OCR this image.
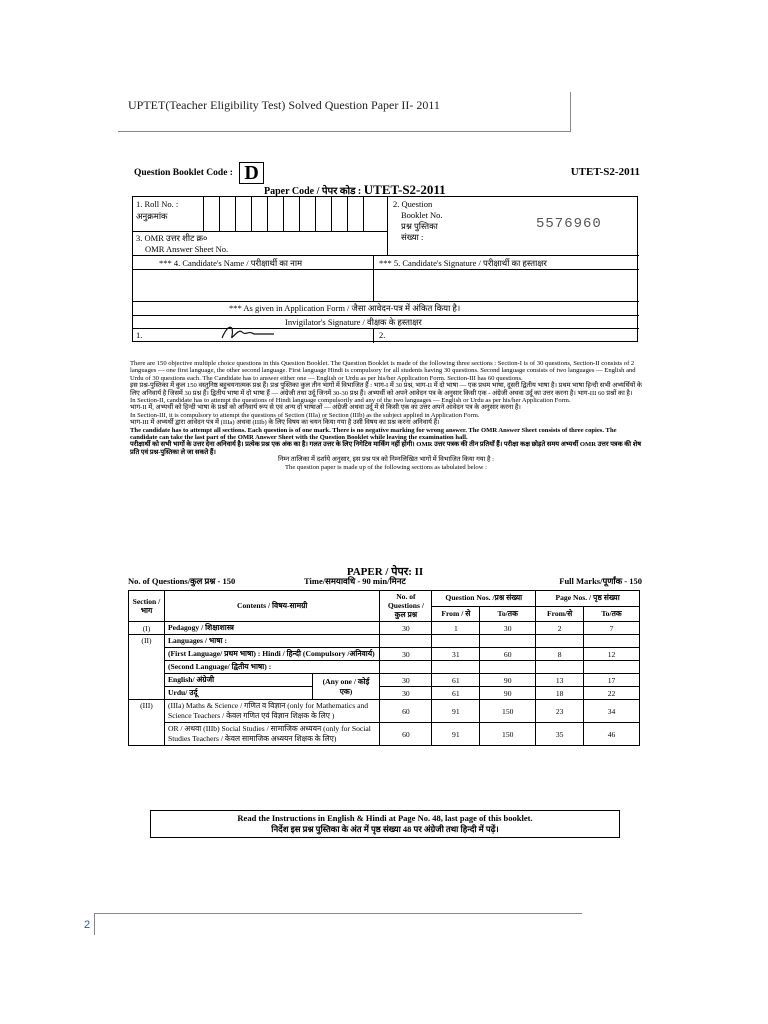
UPTET(Teacher Eligibility Test) Solved Question Paper II- 2011
Question Booklet Code : D	UTET-S2-2011
Paper Code / पेपर कोड : UTET-S2-2011
1. Roll No. :
अनुक्रमांक
3. OMR उत्तर शीट क्र०
OMR Answer Sheet No.
2. Question
Booklet No.
प्रश्न पुस्तिका
संख्या :
*** 4. Candidate's Name / परीक्षार्थी का नाम	*** 5. Candidate's Signature / परीक्षार्थी का हस्ताक्षर
*** As given in Application Form / जैसा आवेदन-पत्र में अंकित किया है।
Invigilator's Signature / वीक्षक के हस्ताक्षर
1.	2.
5576960

There are 150 objective multiple choice questions in this Question Booklet. The Question Booklet is made of the following three sections : Section-I is of 30 questions, Section-II consists of 2 languages — one first language, the other second language. First language Hindi is compulsory for all students having 30 questions. Second language consists of two languages — English and Urdu of 30 questions each. The Candidate has to answer either one — English or Urdu as per his/her Application Form. Section-III has 60 questions.

इस प्रश्न-पुस्तिका में कुल 150 वस्तुनिष्ठ बहुचयनात्मक प्रश्न हैं। प्रश्न पुस्तिका कुल तीन भागों में विभाजित है : भाग-I में 30 प्रश्न, भाग-II में दो भाषा — एक प्रथम भाषा, दूसरी द्वितीय भाषा है। प्रथम भाषा हिन्दी सभी अभ्यर्थियों के लिए अनिवार्य है जिसमें 30 प्रश्न हैं। द्वितीय भाषा में दो भाषा हैं — अंग्रेजी तथा उर्दू जिनमें 30-30 प्रश्न हैं। अभ्यर्थी को अपने आवेदन पत्र के अनुसार किसी एक - अंग्रेजी अथवा उर्दू का उत्तर करना है। भाग-III 60 प्रश्नों का है।

In Section-II, candidate has to attempt the questions of Hindi language compulsorily and any of the two languages — English or Urdu as per his/her Application Form.

भाग-II में, अभ्यर्थी को हिन्दी भाषा के प्रश्नों को अनिवार्य रूप से एवं अन्य दो भाषाओं — अंग्रेजी अथवा उर्दू में से किसी एक का उत्तर अपने आवेदन पत्र के अनुसार करना है।

In Section-III, it is compulsory to attempt the questions of Section (IIIa) or Section (IIIb) as the subject applied in Application Form.

भाग-III में अभ्यर्थी द्वारा आवेदन पत्र में (IIIa) अथवा (IIIb) के लिए विषय का चयन किया गया है उसी विषय का प्रश्न करना अनिवार्य है।

The candidate has to attempt all sections. Each question is of one mark. There is no negative marking for wrong answer. The OMR Answer Sheet consists of three copies. The candidate can take the last part of the OMR Answer Sheet with the Question Booklet while leaving the examination hall.

परीक्षार्थी को सभी भागों के उत्तर देना अनिवार्य है। प्रत्येक प्रश्न एक अंक का है। गलत उत्तर के लिए निगेटिव मार्किंग नहीं होगी। OMR उत्तर पत्रक की तीन प्रतियाँ हैं। परीक्षा कक्ष छोड़ते समय अभ्यर्थी OMR उत्तर पत्रक की शेष प्रति एवं प्रश्न-पुस्तिका ले जा सकते हैं।

निम्न तालिका में दर्शाये अनुसार, इस प्रश्न पत्र को निम्नलिखित भागों में विभाजित किया गया है :

The question paper is made up of the following sections as tabulated below :

PAPER / पेपर: II
No. of Questions/कुल प्रश्न - 150	Time/समयावधि - 90 min/मिनट	Full Marks/पूर्णांक - 150
Section / भाग	Contents / विषय-सामग्री		No. of Questions /कुल प्रश्न	Question Nos. /प्रश्न संख्या		Page Nos. / पृष्ठ संख्या	
				From / से	To/तक	From/से	To/तक
(I)	Pedagogy / शिक्षाशास्त्र		30	1	30	2	7
(II)	Languages / भाषा :						
	(First Language/ प्रथम भाषा) : Hindi / हिन्दी (Compulsory /अनिवार्य)		30	31	60	8	12
	(Second Language/ द्वितीय भाषा) :						
	English/ अंग्रेजी	(Any one / कोई एक)	30	61	90	13	17
	Urdu/ उर्दू		30	61	90	18	22
(III)	(IIIa) Maths & Science / गणित व विज्ञान (only for Mathematics and Science Teachers / केवल गणित एवं विज्ञान शिक्षक के लिए )		60	91	150	23	34
	OR / अथवा (IIIb) Social Studies / सामाजिक अध्ययन (only for Social Studies Teachers / केवल सामाजिक अध्ययन शिक्षक के लिए)		60	91	150	35	46
Read the Instructions in English & Hindi at Page No. 48, last page of this booklet.
निर्देश इस प्रश्न पुस्तिका के अंत में पृष्ठ संख्या 48 पर अंग्रेजी तथा हिन्दी में पढ़ें।
2
